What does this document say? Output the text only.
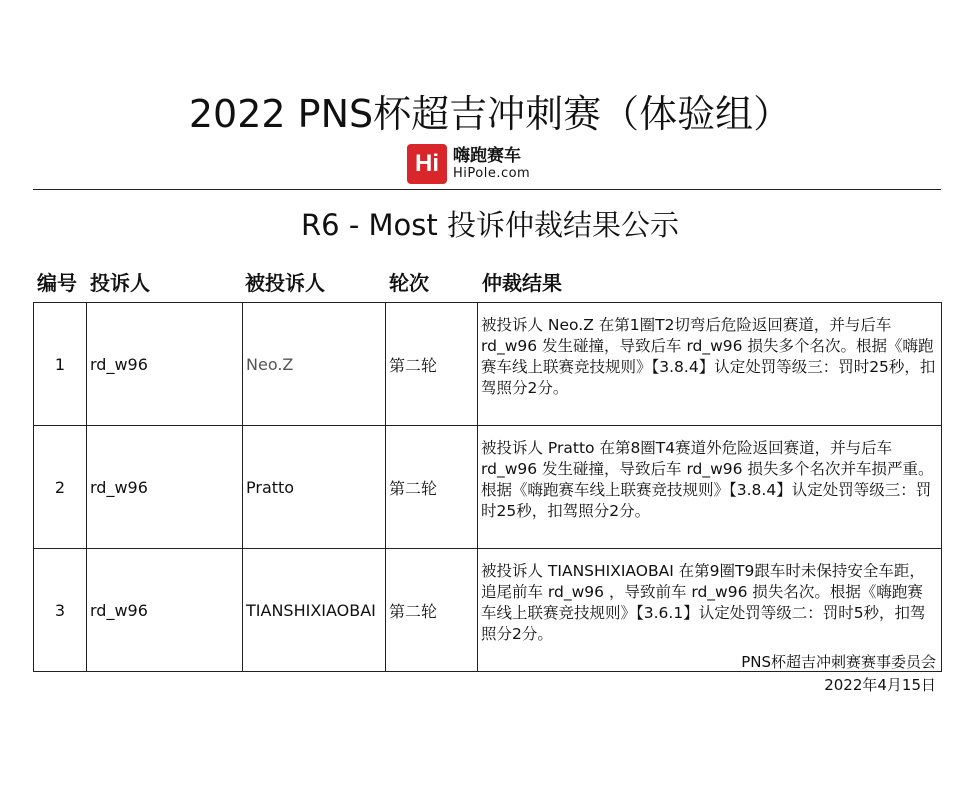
2022 PNS杯超吉冲刺赛（体验组）
Hi 嗨跑赛车
HiPole.com
R6 - Most 投诉仲裁结果公示
编号 投诉人	被投诉人	轮次	仲裁结果
1	rd_w96	Neo.Z	第二轮	被投诉人 Neo.Z 在第1圈T2切弯后危险返回赛道，并与后车 rd_w96 发生碰撞，导致后车 rd_w96 损失多个名次。根据《嗨跑赛车线上联赛竞技规则》【3.8.4】认定处罚等级三：罚时25秒，扣驾照分2分。
2	rd_w96	Pratto	第二轮	被投诉人 Pratto 在第8圈T4赛道外危险返回赛道，并与后车 rd_w96 发生碰撞，导致后车 rd_w96 损失多个名次并车损严重。根据《嗨跑赛车线上联赛竞技规则》【3.8.4】认定处罚等级三：罚时25秒，扣驾照分2分。
3	rd_w96	TIANSHIXIAOBAI	第二轮	被投诉人 TIANSHIXIAOBAI 在第9圈T9跟车时未保持安全车距，追尾前车 rd_w96 ，导致前车 rd_w96 损失名次。根据《嗨跑赛车线上联赛竞技规则》【3.6.1】认定处罚等级二：罚时5秒，扣驾照分2分。
PNS杯超吉冲刺赛赛事委员会
2022年4月15日
